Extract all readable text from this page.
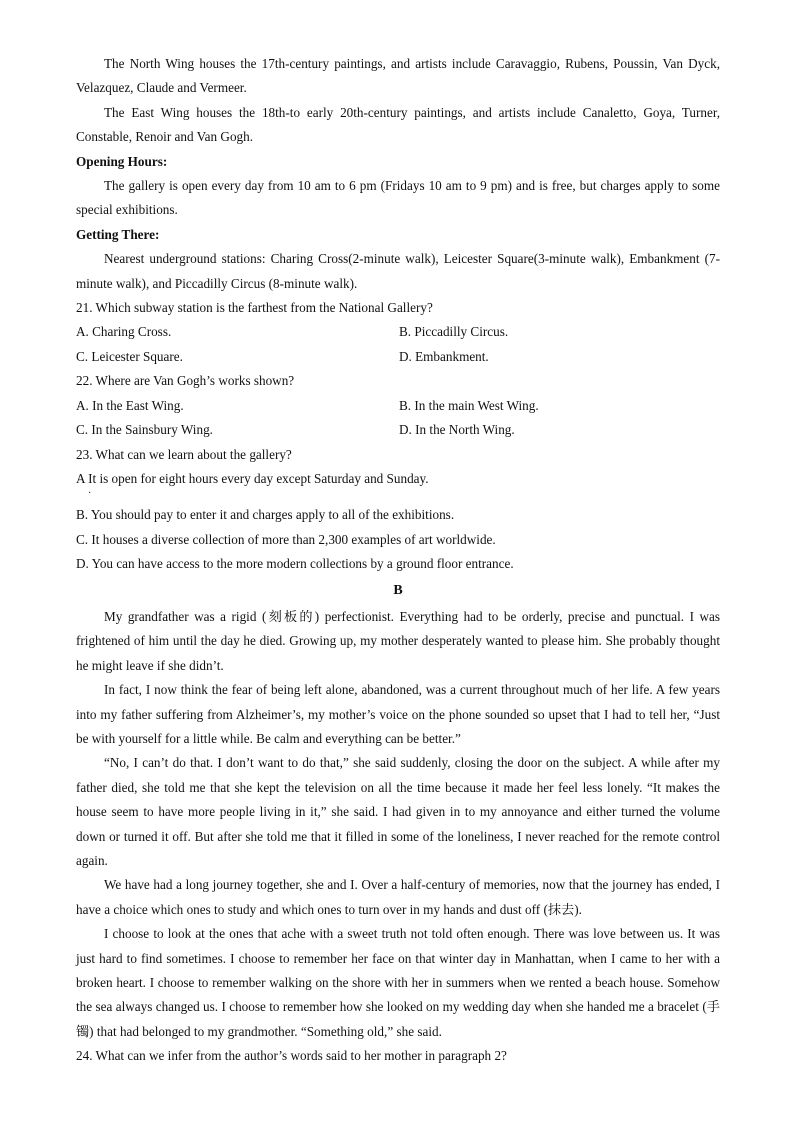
The North Wing houses the 17th-century paintings, and artists include Caravaggio, Rubens, Poussin, Van Dyck, Velazquez, Claude and Vermeer.

The East Wing houses the 18th-to early 20th-century paintings, and artists include Canaletto, Goya, Turner, Constable, Renoir and Van Gogh.

Opening Hours:

The gallery is open every day from 10 am to 6 pm (Fridays 10 am to 9 pm) and is free, but charges apply to some special exhibitions.

Getting There:

Nearest underground stations: Charing Cross(2-minute walk), Leicester Square(3-minute walk), Embankment (7-minute walk), and Piccadilly Circus (8-minute walk).

21. Which subway station is the farthest from the National Gallery?

A. Charing Cross.	B. Piccadilly Circus.
C. Leicester Square.	D. Embankment.

22. Where are Van Gogh’s works shown?

A. In the East Wing.	B. In the main West Wing.
C. In the Sainsbury Wing.	D. In the North Wing.

23. What can we learn about the gallery?

A It is open for eight hours every day except Saturday and Sunday.

·

B. You should pay to enter it and charges apply to all of the exhibitions.

C. It houses a diverse collection of more than 2,300 examples of art worldwide.

D. You can have access to the more modern collections by a ground floor entrance.

B

My grandfather was a rigid (刻板的) perfectionist. Everything had to be orderly, precise and punctual. I was frightened of him until the day he died. Growing up, my mother desperately wanted to please him. She probably thought he might leave if she didn’t.

In fact, I now think the fear of being left alone, abandoned, was a current throughout much of her life. A few years into my father suffering from Alzheimer’s, my mother’s voice on the phone sounded so upset that I had to tell her, “Just be with yourself for a little while. Be calm and everything can be better.”

“No, I can’t do that. I don’t want to do that,” she said suddenly, closing the door on the subject. A while after my father died, she told me that she kept the television on all the time because it made her feel less lonely. “It makes the house seem to have more people living in it,” she said. I had given in to my annoyance and either turned the volume down or turned it off. But after she told me that it filled in some of the loneliness, I never reached for the remote control again.

We have had a long journey together, she and I. Over a half-century of memories, now that the journey has ended, I have a choice which ones to study and which ones to turn over in my hands and dust off (抹去).

I choose to look at the ones that ache with a sweet truth not told often enough. There was love between us. It was just hard to find sometimes. I choose to remember her face on that winter day in Manhattan, when I came to her with a broken heart. I choose to remember walking on the shore with her in summers when we rented a beach house. Somehow the sea always changed us. I choose to remember how she looked on my wedding day when she handed me a bracelet (手镯) that had belonged to my grandmother. “Something old,” she said.

24. What can we infer from the author’s words said to her mother in paragraph 2?
